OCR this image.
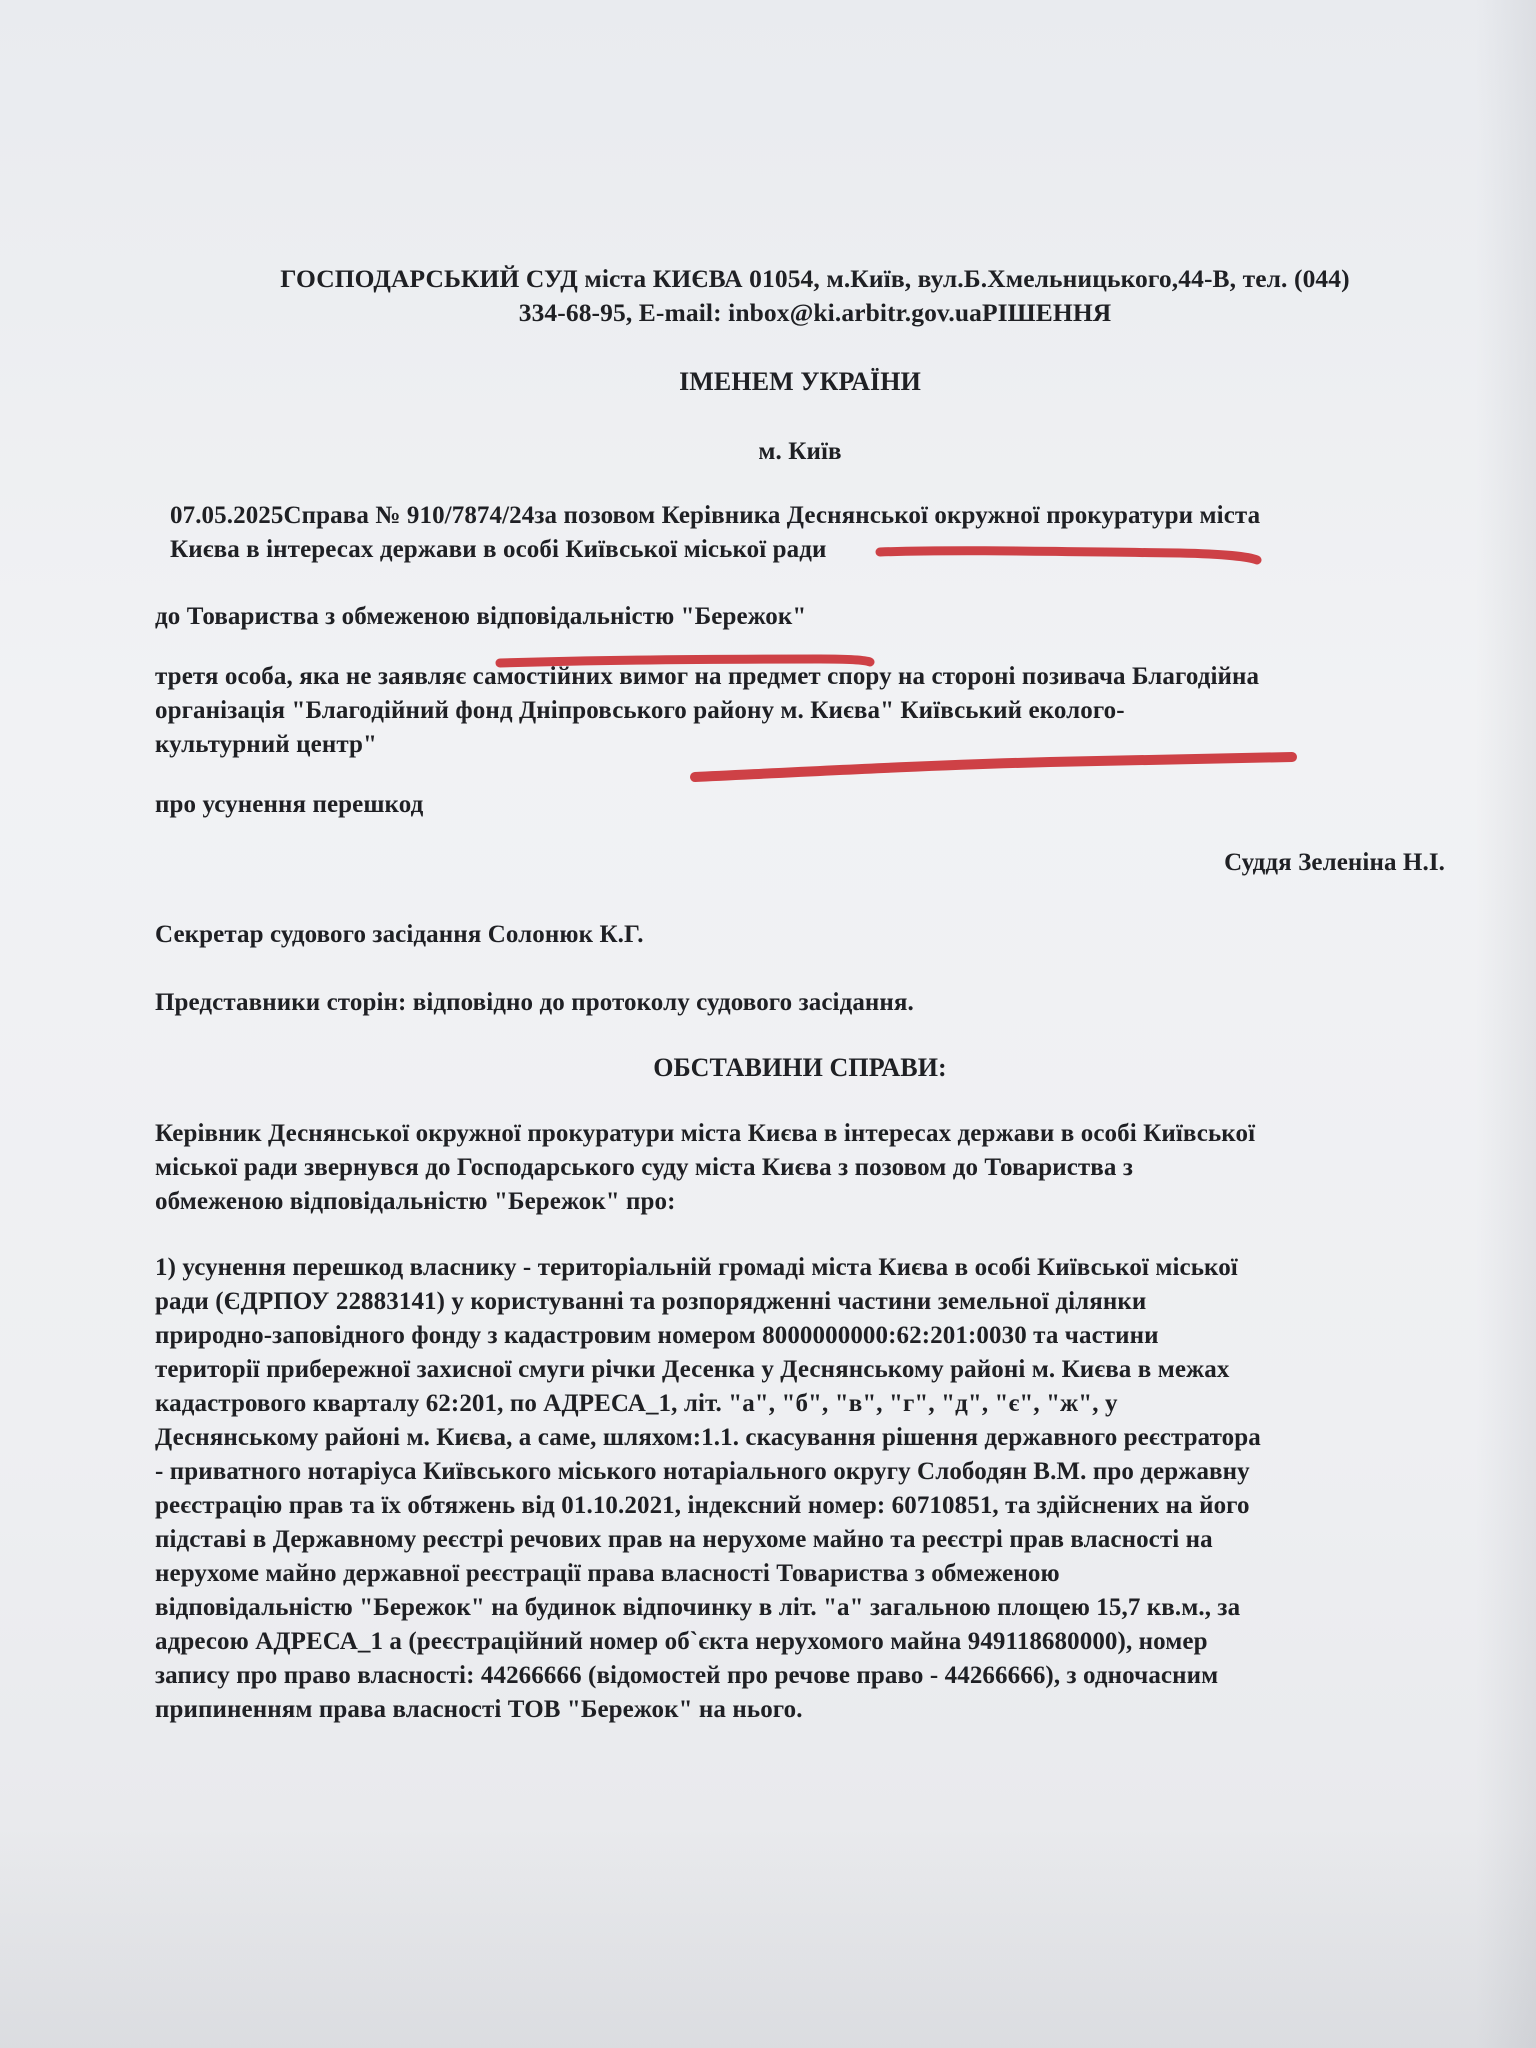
ГОСПОДАРСЬКИЙ СУД міста КИЄВА 01054, м.Київ, вул.Б.Хмельницького,44-В, тел. (044)
334-68-95, E-mail: inbox@ki.arbitr.gov.uaРІШЕННЯ

ІМЕНЕМ УКРАЇНИ

м. Київ

07.05.2025Справа № 910/7874/24за позовом Керівника Деснянської окружної прокуратури міста
Києва в інтересах держави в особі Київської міської ради

до Товариства з обмеженою відповідальністю "Бережок"

третя особа, яка не заявляє самостійних вимог на предмет спору на стороні позивача Благодійна
організація "Благодійний фонд Дніпровського району м. Києва" Київський еколого-
культурний центр"

про усунення перешкод

Суддя Зеленіна Н.І.

Секретар судового засідання Солонюк К.Г.

Представники сторін: відповідно до протоколу судового засідання.

ОБСТАВИНИ СПРАВИ:

Керівник Деснянської окружної прокуратури міста Києва в інтересах держави в особі Київської
міської ради звернувся до Господарського суду міста Києва з позовом до Товариства з
обмеженою відповідальністю "Бережок" про:

1) усунення перешкод власнику - територіальній громаді міста Києва в особі Київської міської
ради (ЄДРПОУ 22883141) у користуванні та розпорядженні частини земельної ділянки
природно-заповідного фонду з кадастровим номером 8000000000:62:201:0030 та частини
території прибережної захисної смуги річки Десенка у Деснянському районі м. Києва в межах
кадастрового кварталу 62:201, по АДРЕСА_1, літ. "а", "б", "в", "г", "д", "є", "ж", у
Деснянському районі м. Києва, а саме, шляхом:1.1. скасування рішення державного реєстратора
- приватного нотаріуса Київського міського нотаріального округу Слободян В.М. про державну
реєстрацію прав та їх обтяжень від 01.10.2021, індексний номер: 60710851, та здійснених на його
підставі в Державному реєстрі речових прав на нерухоме майно та реєстрі прав власності на
нерухоме майно державної реєстрації права власності Товариства з обмеженою
відповідальністю "Бережок" на будинок відпочинку в літ. "а" загальною площею 15,7 кв.м., за
адресою АДРЕСА_1 а (реєстраційний номер об`єкта нерухомого майна 949118680000), номер
запису про право власності: 44266666 (відомостей про речове право - 44266666), з одночасним
припиненням права власності ТОВ "Бережок" на нього.
